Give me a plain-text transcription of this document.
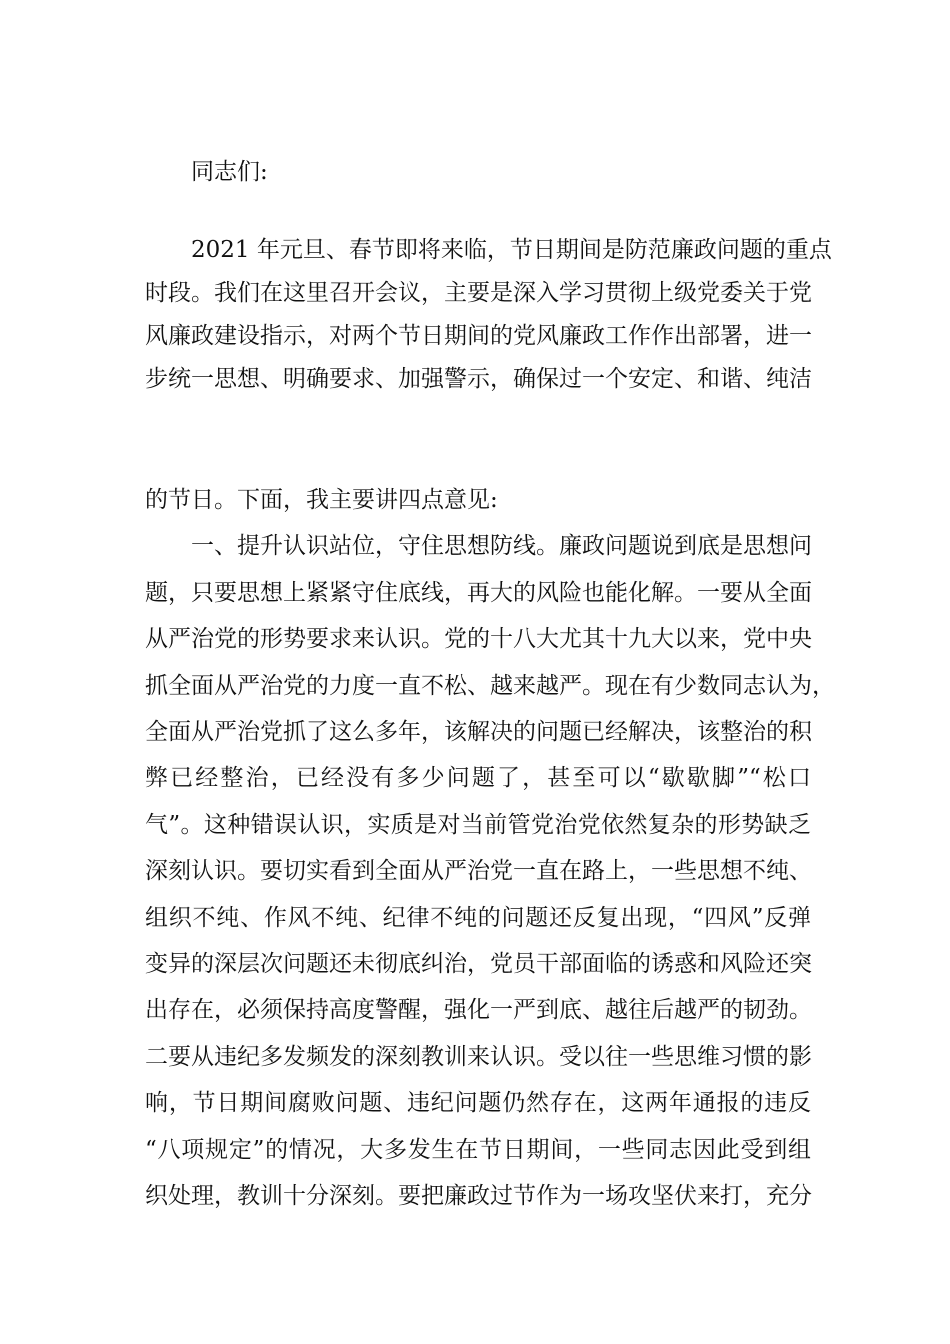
同志们:
2021 年元旦、春节即将来临，节日期间是防范廉政问题的重点
时段。我们在这里召开会议，主要是深入学习贯彻上级党委关于党
风廉政建设指示，对两个节日期间的党风廉政工作作出部署，进一
步统一思想、明确要求、加强警示，确保过一个安定、和谐、纯洁
的节日。下面，我主要讲四点意见:
一、提升认识站位，守住思想防线。廉政问题说到底是思想问
题，只要思想上紧紧守住底线，再大的风险也能化解。一要从全面
从严治党的形势要求来认识。党的十八大尤其十九大以来，党中央
抓全面从严治党的力度一直不松、越来越严。现在有少数同志认为，
全面从严治党抓了这么多年，该解决的问题已经解决，该整治的积
弊已经整治，已经没有多少问题了，甚至可以“歇歇脚”“松口
气”。这种错误认识，实质是对当前管党治党依然复杂的形势缺乏
深刻认识。要切实看到全面从严治党一直在路上，一些思想不纯、
组织不纯、作风不纯、纪律不纯的问题还反复出现，“四风”反弹
变异的深层次问题还未彻底纠治，党员干部面临的诱惑和风险还突
出存在，必须保持高度警醒，强化一严到底、越往后越严的韧劲。
二要从违纪多发频发的深刻教训来认识。受以往一些思维习惯的影
响，节日期间腐败问题、违纪问题仍然存在，这两年通报的违反
“八项规定”的情况，大多发生在节日期间，一些同志因此受到组
织处理，教训十分深刻。要把廉政过节作为一场攻坚伏来打，充分
